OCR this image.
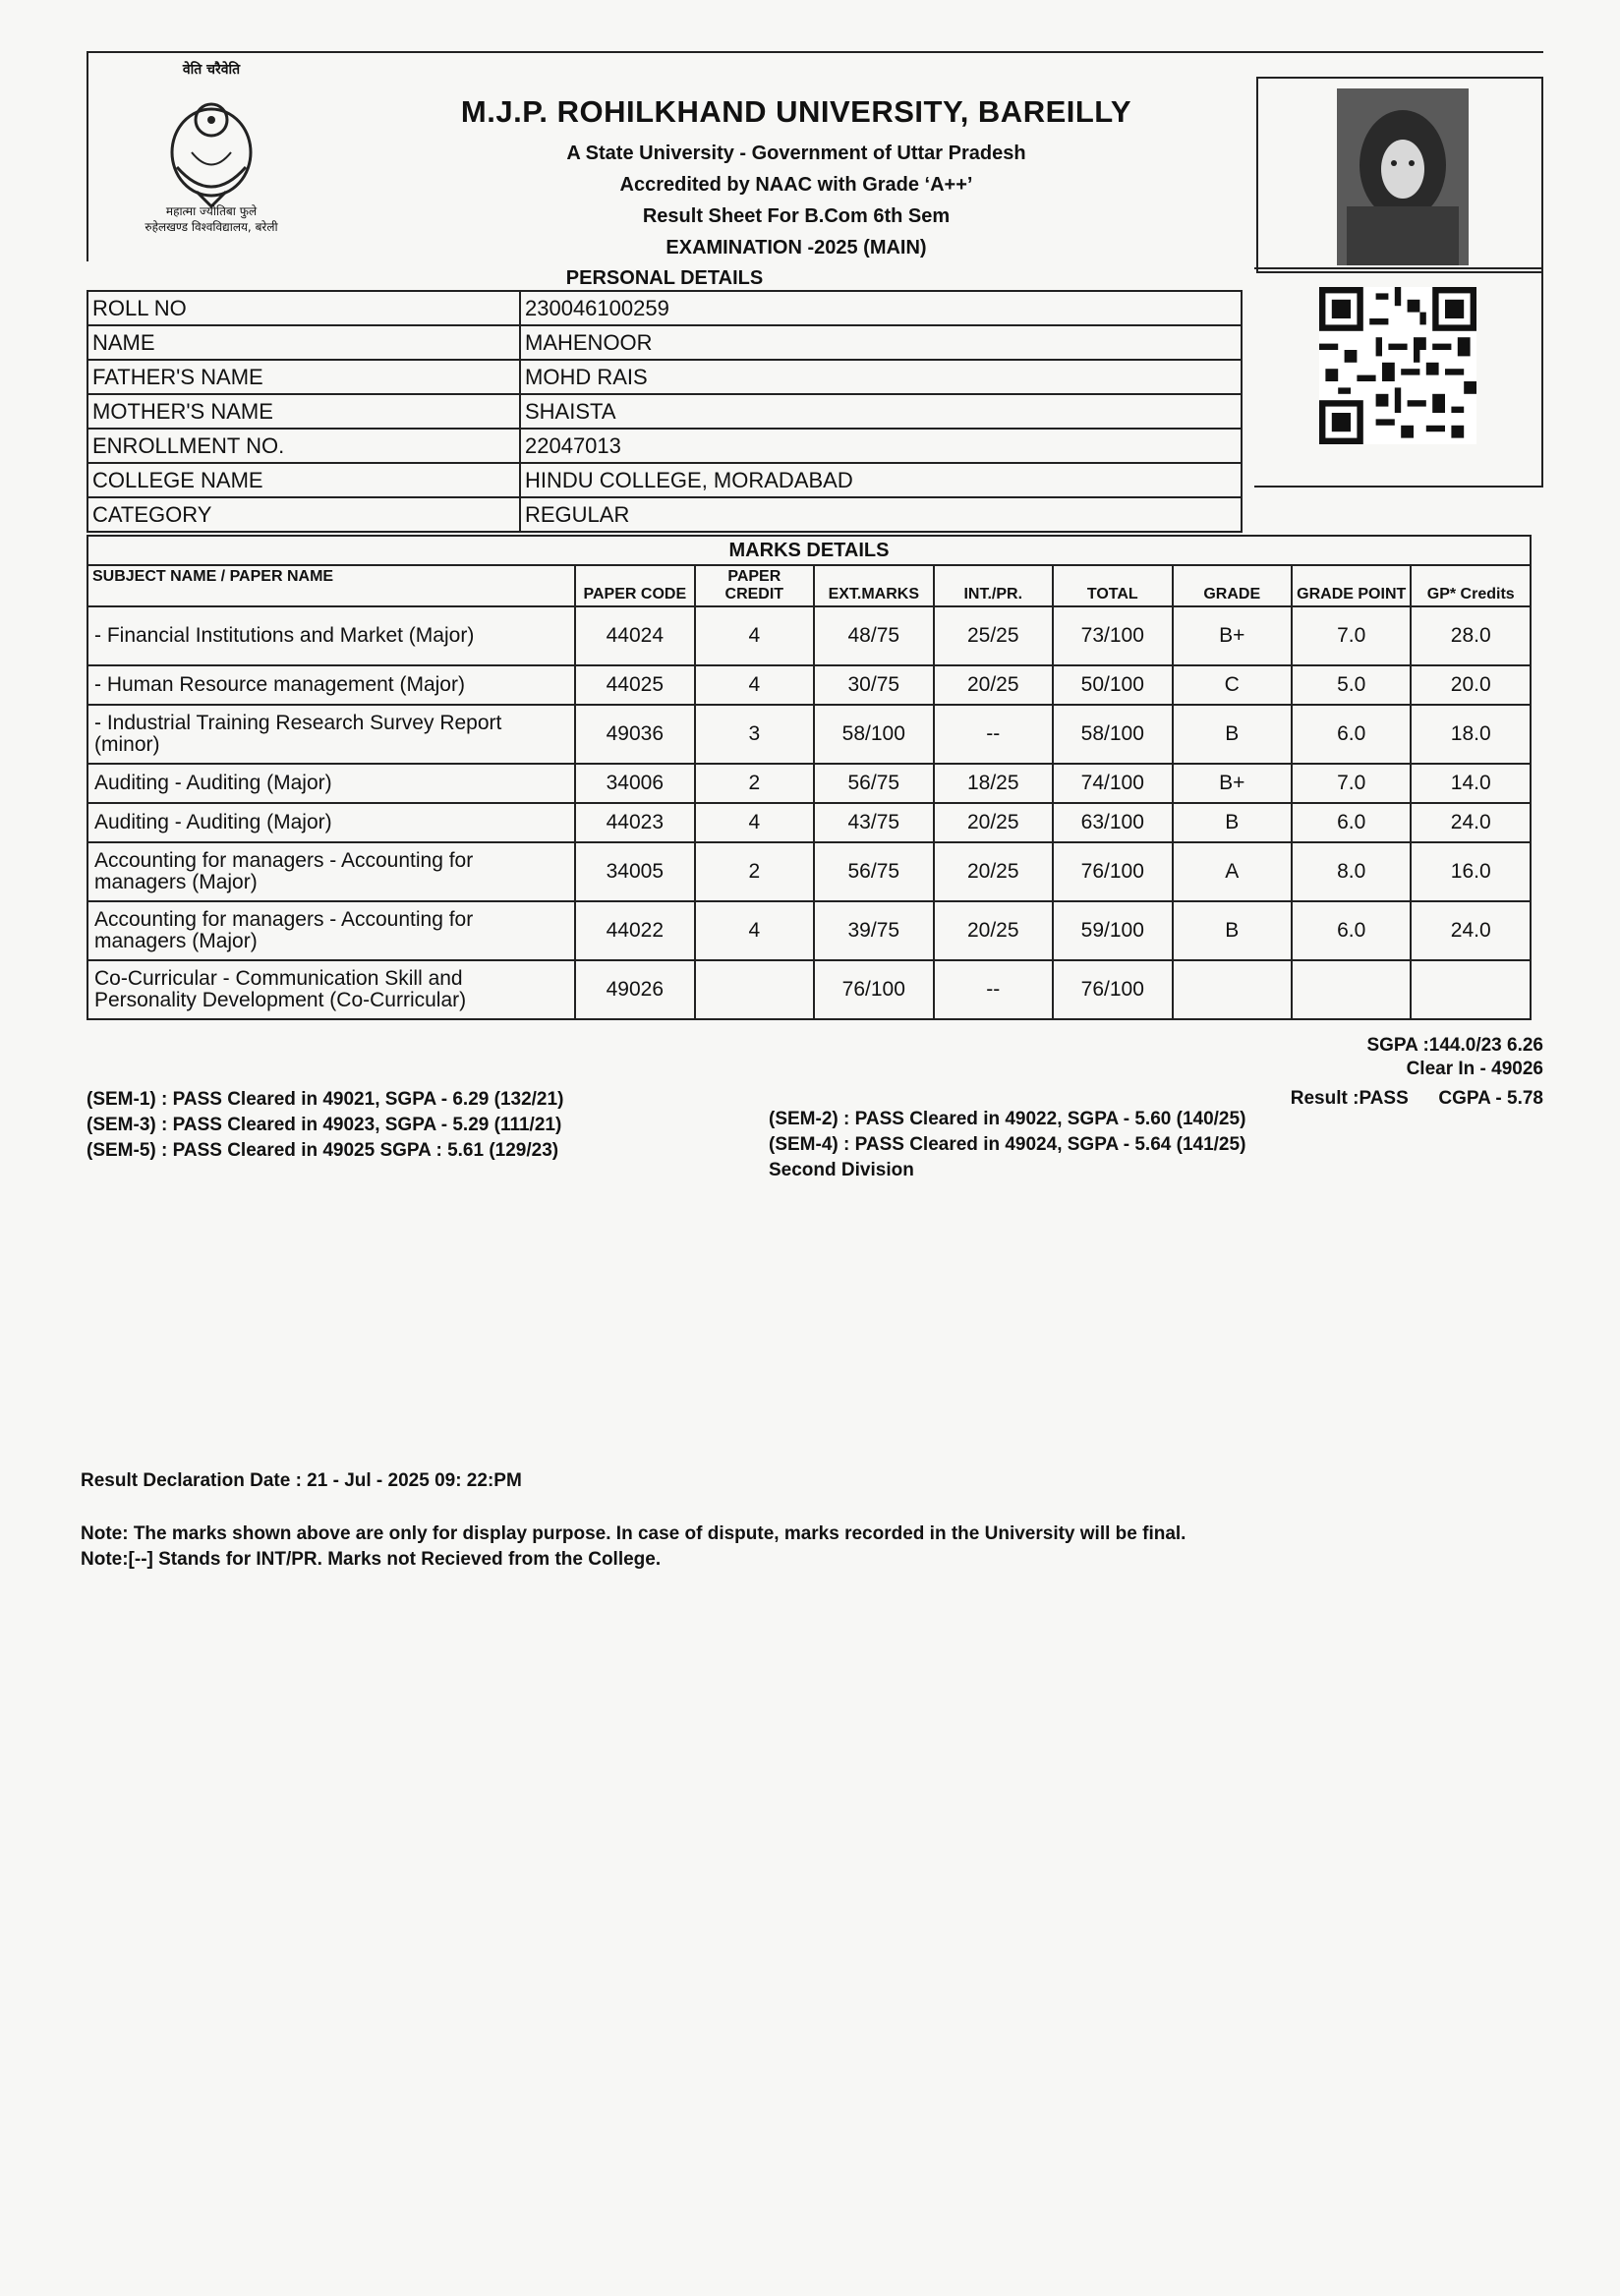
वेति चरैवेति
महात्मा ज्योतिबा फुले
रुहेलखण्ड विश्वविद्यालय, बरेली
M.J.P. ROHILKHAND UNIVERSITY, BAREILLY
A State University - Government of Uttar Pradesh
Accredited by NAAC with Grade ‘A++’
Result Sheet For B.Com 6th Sem
EXAMINATION -2025 (MAIN)
PERSONAL DETAILS
ROLL NO	230046100259
NAME	MAHENOOR
FATHER'S NAME	MOHD RAIS
MOTHER'S NAME	SHAISTA
ENROLLMENT NO.	22047013
COLLEGE NAME	HINDU COLLEGE, MORADABAD
CATEGORY	REGULAR
MARKS DETAILS								
SUBJECT NAME / PAPER NAME	PAPER CODE	PAPER CREDIT	EXT.MARKS	INT./PR.	TOTAL	GRADE	GRADE POINT	GP* Credits
- Financial Institutions and Market (Major)	44024	4	48/75	25/25	73/100	B+	7.0	28.0
- Human Resource management (Major)	44025	4	30/75	20/25	50/100	C	5.0	20.0
- Industrial Training Research Survey Report (minor)	49036	3	58/100	--	58/100	B	6.0	18.0
Auditing - Auditing (Major)	34006	2	56/75	18/25	74/100	B+	7.0	14.0
Auditing - Auditing (Major)	44023	4	43/75	20/25	63/100	B	6.0	24.0
Accounting for managers - Accounting for managers (Major)	34005	2	56/75	20/25	76/100	A	8.0	16.0
Accounting for managers - Accounting for managers (Major)	44022	4	39/75	20/25	59/100	B	6.0	24.0
Co-Curricular - Communication Skill and Personality Development (Co-Curricular)	49026		76/100	--	76/100			
SGPA :144.0/23 6.26
Clear In - 49026
Result :PASS CGPA - 5.78
(SEM-1) : PASS Cleared in 49021, SGPA - 6.29 (132/21)
(SEM-3) : PASS Cleared in 49023, SGPA - 5.29 (111/21)
(SEM-5) : PASS Cleared in 49025 SGPA : 5.61 (129/23)
(SEM-2) : PASS Cleared in 49022, SGPA - 5.60 (140/25)
(SEM-4) : PASS Cleared in 49024, SGPA - 5.64 (141/25)
Second Division
Result Declaration Date : 21 - Jul - 2025 09: 22:PM
Note: The marks shown above are only for display purpose. In case of dispute, marks recorded in the University will be final.
Note:[--] Stands for INT/PR. Marks not Recieved from the College.
